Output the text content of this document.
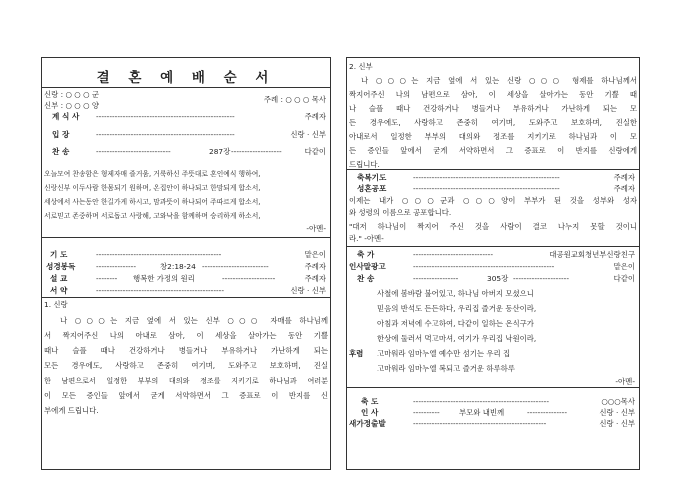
결 혼 예 배 순 서
신랑 : ○ ○ ○ 군
신부 : ○ ○ ○ 양
주례 : ○ ○ ○ 목사
계 식 사 ----------------------------------------------------	주례자
입 장	----------------------------------------------------	신랑 · 신부
찬 송	----------------------------	287장 -------------------	다같이
오늘모여 찬송함은 형제자매 즐거움, 거룩하신 주뜻대로 혼인예식 행하여,
신랑신부 이두사람 한몸되기 원하며, 온집안이 하나되고 한맘되게 합소서,
세상에서 사는동안 한길가게 하시고, 맘과뜻이 하나되어 주따르게 합소서,
서로믿고 존중하며 서로돕고 사랑해, 고와낙을 함께하며 승리하게 하소서,
-아멘-
기 도	-----------------------------------------------	맡은이
성경봉독	---------------	창2:18-24 -------------------------	주례자
설 교	-------- 행복한 가정의 원리	--------------------	주례자
서 약	------------------------------------------------	신랑 · 신부
1. 신랑
나 ○○○는 지금 옆에 서 있는 신부 ○○○ 자매를 하나님께
서 짝지어주신 나의 아내로 삼아, 이 세상을 살아가는 동안 기쁠
때나 슬플 때나 건강하거나 병들거나 부유하거나 가난하게 되는
모든 경우에도, 사랑하고 존중히 여기며, 도와주고 보호하며, 진실
한 남편으로서 일정한 부부의 대의와 정조를 지키기로 하나님과 여러분
이 모든 증인들 앞에서 굳게 서약하면서 그 증표로 이 반지를 신
부에게 드립니다.
2. 신부
나 ○○○는 지금 옆에 서 있는 신랑 ○○○ 형제를 하나님께서
짝지어주신 나의 남편으로 삼아, 이 세상을 살아가는 동안 기쁠 때
나 슬플 때나 건강하거나 병들거나 부유하거나 가난하게 되는 모
든 경우에도, 사랑하고 존중히 여기며, 도와주고 보호하며, 진실한
아내로서 일정한 부부의 대의와 정조를 지키기로 하나님과 이 모
든 증인들 앞에서 굳게 서약하면서 그 증표로 이 반지를 신랑에게
드립니다.
축복기도	-------------------------------------------------------	주례자
성혼공포	-------------------------------------------------------	주례자
이제는 내가 ○○○군과 ○○○양이 부부가 된 것을 성부와 성자
와 성령의 이름으로 공포합니다.
"대저 하나님이 짝지어 주신 것을 사람이 결코 나누지 못할 것이니
라." -아멘-
축 가	------------------------------	대공원교회청년부신랑친구
인사말광고	-----------------------------------------------------	맡은이
찬 송	-----------------	305장 ---------------------	다같이
사철에 봄바람 불어있고, 하나님 아버지 모셨으니
믿음의 반석도 든든하다, 우리집 즐거운 동산이라,
아침과 저녁에 수고하여, 다같이 일하는 온식구가
한상에 둘러서 먹고마셔, 여기가 우리집 낙원이라,
후렴 고마워라 임마누엘 예수만 섬기는 우리 집
고마워라 임마누엘 복되고 즐거운 하루하루
-아멘-
축 도	---------------------------------------------------	○○○목사
인 사	----------	부모와 내빈께	---------------	신랑 · 신부
새가정출발	--------------------------------------------------	신랑 · 신부
